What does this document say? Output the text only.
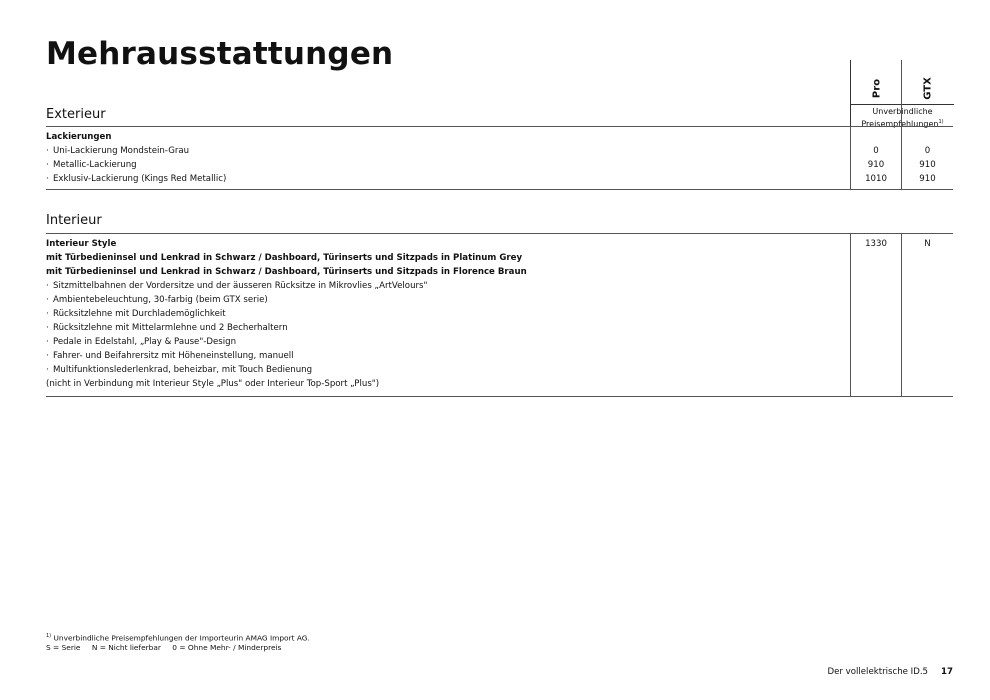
Mehrausstattungen
Pro	GTX
Unverbindliche
Preisempfehlungen$^{1)}$
Exterieur
Lackierungen
· Uni-Lackierung Mondstein-Grau	0	0
· Metallic-Lackierung	910	910
· Exklusiv-Lackierung (Kings Red Metallic)	1010	910
Interieur
Interieur Style	1330	N
mit Türbedieninsel und Lenkrad in Schwarz / Dashboard, Türinserts und Sitzpads in Platinum Grey
mit Türbedieninsel und Lenkrad in Schwarz / Dashboard, Türinserts und Sitzpads in Florence Braun
· Sitzmittelbahnen der Vordersitze und der äusseren Rücksitze in Mikrovlies „ArtVelours"
· Ambientebeleuchtung, 30-farbig (beim GTX serie)
· Rücksitzlehne mit Durchlademöglichkeit
· Rücksitzlehne mit Mittelarmlehne und 2 Becherhaltern
· Pedale in Edelstahl, „Play & Pause"-Design
· Fahrer- und Beifahrersitz mit Höheneinstellung, manuell
· Multifunktionslederlenkrad, beheizbar, mit Touch Bedienung
(nicht in Verbindung mit Interieur Style „Plus" oder Interieur Top-Sport „Plus")
$^{1)}$ Unverbindliche Preisempfehlungen der Importeurin AMAG Import AG.
S = Serie N = Nicht lieferbar 0 = Ohne Mehr- / Minderpreis
Der vollelektrische ID.5 17
